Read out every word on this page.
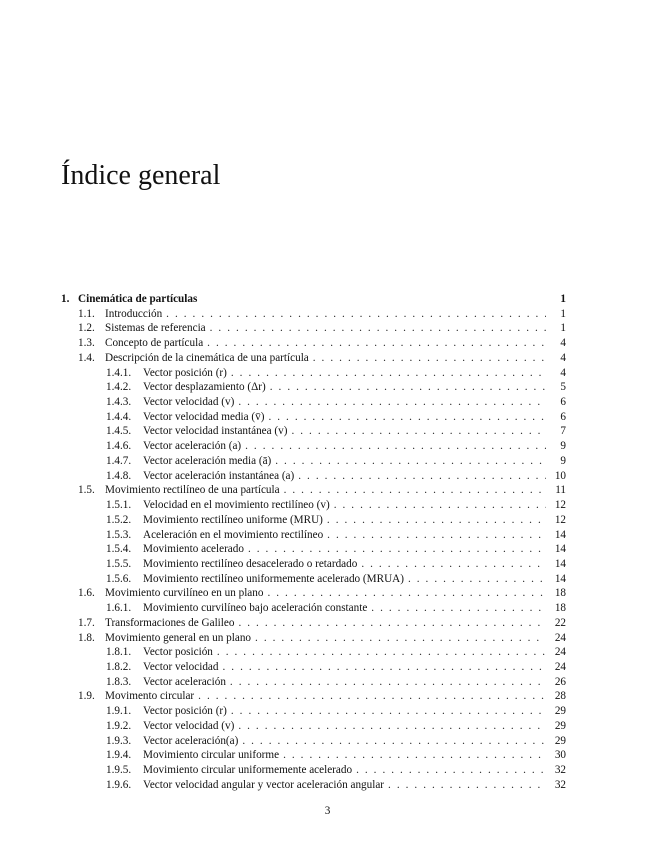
Índice general
1. Cinemática de partículas	1
1.1. Introducción . . .	1
1.2. Sistemas de referencia . . .	1
1.3. Concepto de partícula . . .	4
1.4. Descripción de la cinemática de una partícula . . .	4
1.4.1.	Vector posición (r) . . .	4
1.4.2.	Vector desplazamiento (Δr) . . .	5
1.4.3.	Vector velocidad (v) . . .	6
1.4.4.	Vector velocidad media (v̄) . . .	6
1.4.5.	Vector velocidad instantánea (v) . . .	7
1.4.6.	Vector aceleración (a) . . .	9
1.4.7.	Vector aceleración media (ā) . . .	9
1.4.8.	Vector aceleración instantánea (a) . . .	10
1.5. Movimiento rectilíneo de una partícula . . .	11
1.5.1.	Velocidad en el movimiento rectilíneo (v) . . .	12
1.5.2.	Movimiento rectilíneo uniforme (MRU) . . .	12
1.5.3.	Aceleración en el movimiento rectilíneo . . .	14
1.5.4.	Movimiento acelerado . . .	14
1.5.5.	Movimiento rectilíneo desacelerado o retardado . . .	14
1.5.6.	Movimiento rectilíneo uniformemente acelerado (MRUA) . . .	14
1.6. Movimiento curvilíneo en un plano . . .	18
1.6.1.	Movimiento curvilíneo bajo aceleración constante . . .	18
1.7. Transformaciones de Galileo . . .	22
1.8. Movimiento general en un plano . . .	24
1.8.1.	Vector posición . . .	24
1.8.2.	Vector velocidad . . .	24
1.8.3.	Vector aceleración . . .	26
1.9. Movimento circular . . .	28
1.9.1.	Vector posición (r) . . .	29
1.9.2.	Vector velocidad (v) . . .	29
1.9.3.	Vector aceleración(a) . . .	29
1.9.4.	Movimiento circular uniforme . . .	30
1.9.5.	Movimiento circular uniformemente acelerado . . .	32
1.9.6.	Vector velocidad angular y vector aceleración angular . . .	32
3
